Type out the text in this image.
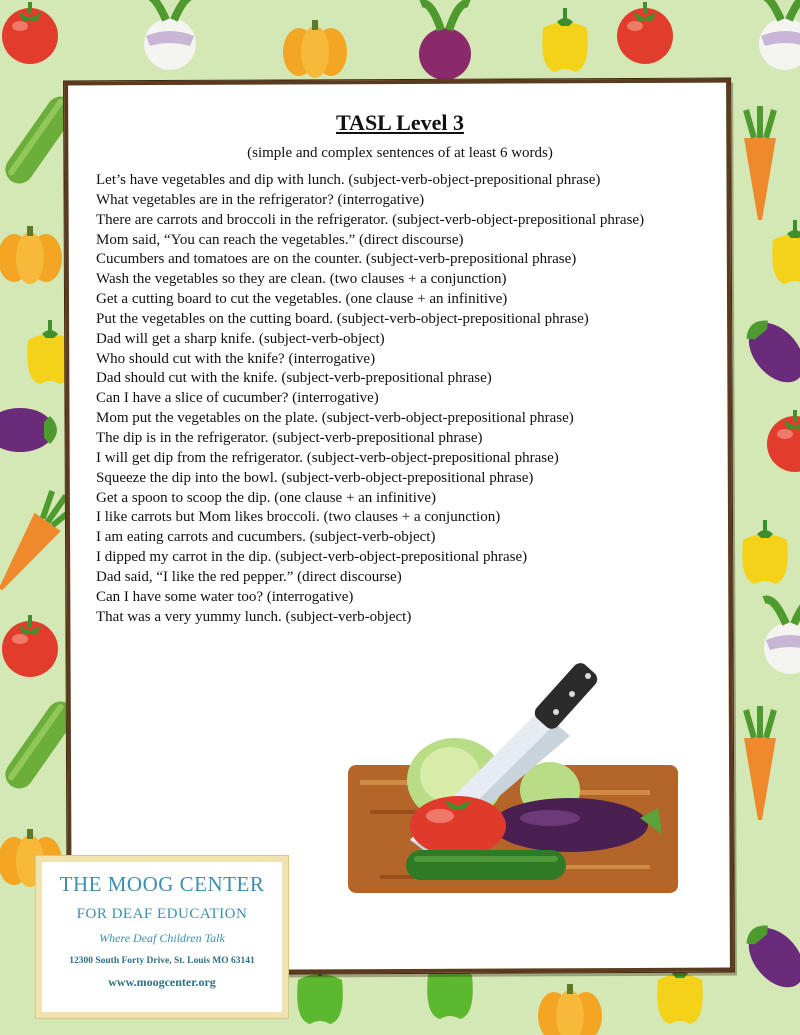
TASL Level 3
(simple and complex sentences of at least 6 words)
Let’s have vegetables and dip with lunch. (subject-verb-object-prepositional phrase)
What vegetables are in the refrigerator? (interrogative)
There are carrots and broccoli in the refrigerator. (subject-verb-object-prepositional phrase)
Mom said, “You can reach the vegetables.” (direct discourse)
Cucumbers and tomatoes are on the counter. (subject-verb-prepositional phrase)
Wash the vegetables so they are clean. (two clauses + a conjunction)
Get a cutting board to cut the vegetables. (one clause + an infinitive)
Put the vegetables on the cutting board. (subject-verb-object-prepositional phrase)
Dad will get a sharp knife. (subject-verb-object)
Who should cut with the knife? (interrogative)
Dad should cut with the knife. (subject-verb-prepositional phrase)
Can I have a slice of cucumber? (interrogative)
Mom put the vegetables on the plate. (subject-verb-object-prepositional phrase)
The dip is in the refrigerator. (subject-verb-prepositional phrase)
I will get dip from the refrigerator. (subject-verb-object-prepositional phrase)
Squeeze the dip into the bowl. (subject-verb-object-prepositional phrase)
Get a spoon to scoop the dip. (one clause + an infinitive)
I like carrots but Mom likes broccoli. (two clauses + a conjunction)
I am eating carrots and cucumbers. (subject-verb-object)
I dipped my carrot in the dip. (subject-verb-object-prepositional phrase)
Dad said, “I like the red pepper.” (direct discourse)
Can I have some water too? (interrogative)
That was a very yummy lunch. (subject-verb-object)
THE MOOG CENTER
FOR DEAF EDUCATION
Where Deaf Children Talk
12300 South Forty Drive, St. Louis MO 63141
www.moogcenter.org
